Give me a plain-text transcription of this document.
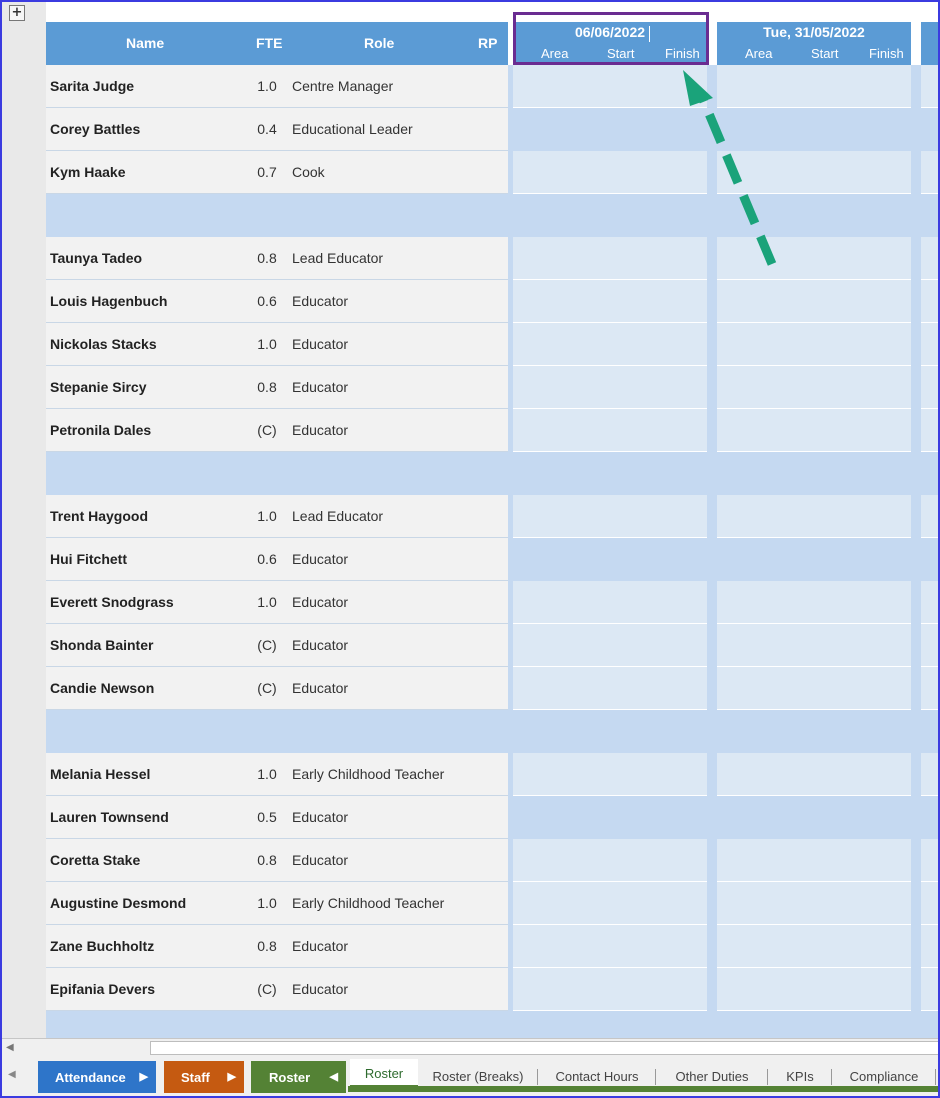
+
Name	FTE	Role	RP
06/06/2022
Area	Start Finish
Tue, 31/05/2022
Area	Start Finish
Sarita Judge	1.0 Centre Manager
Corey Battles	0.4 Educational Leader
Kym Haake	0.7 Cook
Taunya Tadeo	0.8 Lead Educator
Louis Hagenbuch	0.6 Educator
Nickolas Stacks	1.0 Educator
Stepanie Sircy	0.8 Educator
Petronila Dales	(C) Educator
Trent Haygood	1.0 Lead Educator
Hui Fitchett	0.6 Educator
Everett Snodgrass	1.0 Educator
Shonda Bainter	(C) Educator
Candie Newson	(C) Educator
Melania Hessel	1.0 Early Childhood Teacher
Lauren Townsend	0.5 Educator
Coretta Stake	0.8 Educator
Augustine Desmond	1.0 Early Childhood Teacher
Zane Buchholtz	0.8 Educator
Epifania Devers	(C) Educator
◀
◀	Attendance ▶	Staff ▶	Roster ◀	Roster	Roster (Breaks)	Contact Hours	Other Duties	KPIs	Compliance
